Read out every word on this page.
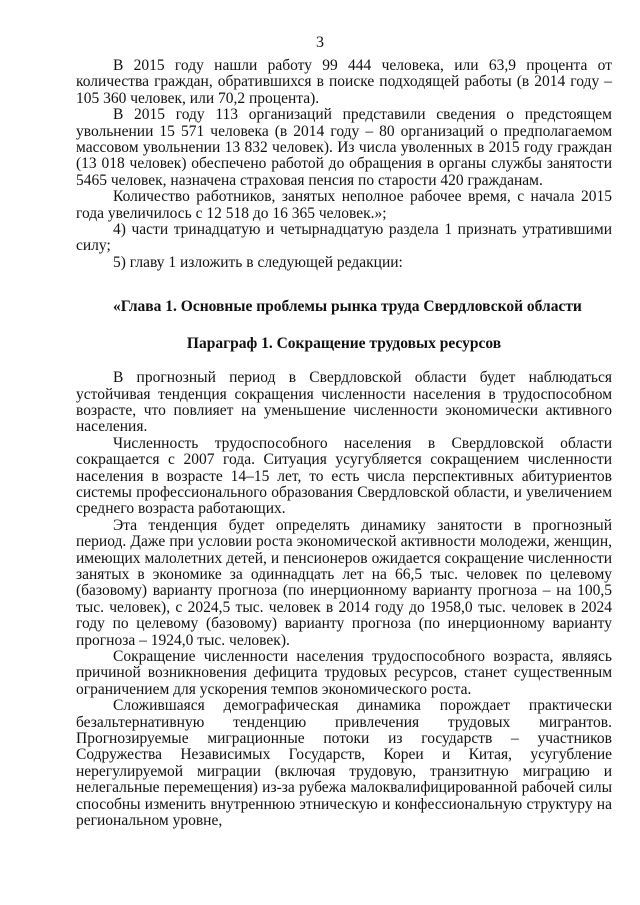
3

В 2015 году нашли работу 99 444 человека, или 63,9 процента от количества граждан, обратившихся в поиске подходящей работы (в 2014 году – 105 360 человек, или 70,2 процента).

В 2015 году 113 организаций представили сведения о предстоящем увольнении 15 571 человека (в 2014 году – 80 организаций о предполагаемом массовом увольнении 13 832 человек). Из числа уволенных в 2015 году граждан (13 018 человек) обеспечено работой до обращения в органы службы занятости 5465 человек, назначена страховая пенсия по старости 420 гражданам.

Количество работников, занятых неполное рабочее время, с начала 2015 года увеличилось с 12 518 до 16 365 человек.»;

4) части тринадцатую и четырнадцатую раздела 1 признать утратившими силу;

5) главу 1 изложить в следующей редакции:

«Глава 1. Основные проблемы рынка труда Свердловской области

Параграф 1. Сокращение трудовых ресурсов

В прогнозный период в Свердловской области будет наблюдаться устойчивая тенденция сокращения численности населения в трудоспособном возрасте, что повлияет на уменьшение численности экономически активного населения.

Численность трудоспособного населения в Свердловской области сокращается с 2007 года. Ситуация усугубляется сокращением численности населения в возрасте 14–15 лет, то есть числа перспективных абитуриентов системы профессионального образования Свердловской области, и увеличением среднего возраста работающих.

Эта тенденция будет определять динамику занятости в прогнозный период. Даже при условии роста экономической активности молодежи, женщин, имеющих малолетних детей, и пенсионеров ожидается сокращение численности занятых в экономике за одиннадцать лет на 66,5 тыс. человек по целевому (базовому) варианту прогноза (по инерционному варианту прогноза – на 100,5 тыс. человек), с 2024,5 тыс. человек в 2014 году до 1958,0 тыс. человек в 2024 году по целевому (базовому) варианту прогноза (по инерционному варианту прогноза – 1924,0 тыс. человек).

Сокращение численности населения трудоспособного возраста, являясь причиной возникновения дефицита трудовых ресурсов, станет существенным ограничением для ускорения темпов экономического роста.

Сложившаяся демографическая динамика порождает практически безальтернативную тенденцию привлечения трудовых мигрантов. Прогнозируемые миграционные потоки из государств – участников Содружества Независимых Государств, Кореи и Китая, усугубление нерегулируемой миграции (включая трудовую, транзитную миграцию и нелегальные перемещения) из-за рубежа малоквалифицированной рабочей силы способны изменить внутреннюю этническую и конфессиональную структуру на региональном уровне,
